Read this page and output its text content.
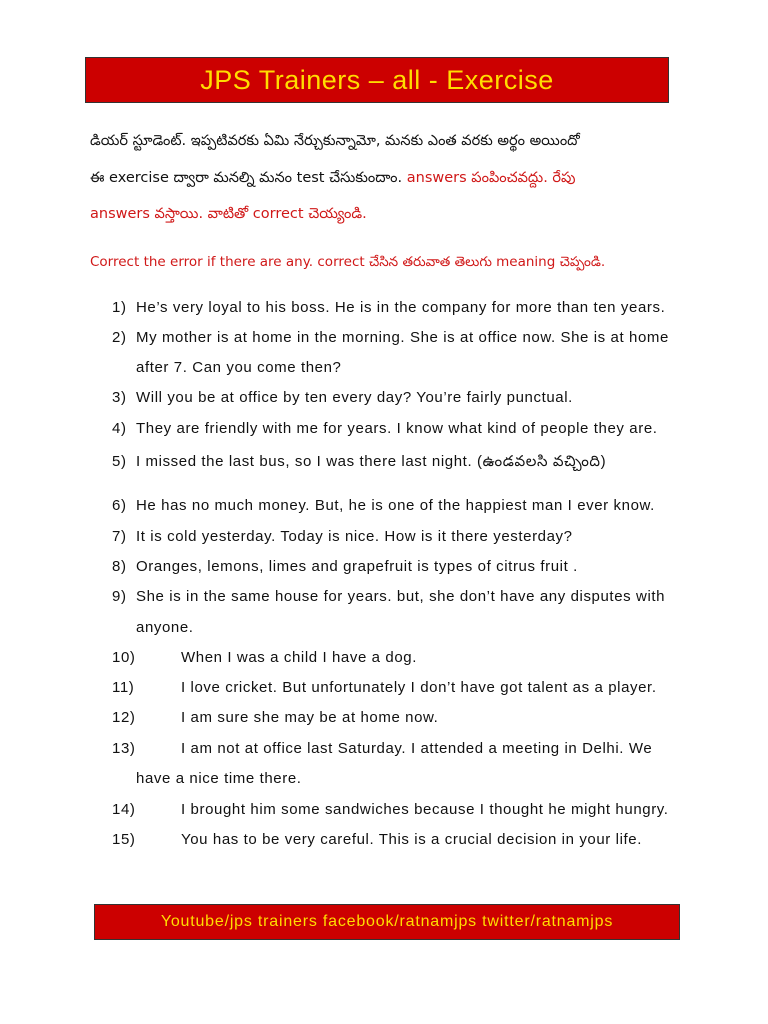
JPS Trainers – all - Exercise
డియర్ స్టూడెంట్. ఇప్పటివరకు ఏమి నేర్చుకున్నామో, మనకు ఎంత వరకు అర్థం అయిందో
ఈ exercise ద్వారా మనల్ని మనం test చేసుకుందాం. answers పంపించవద్దు. రేపు
answers వస్తాయి. వాటితో correct చెయ్యండి.
Correct the error if there are any. correct చేసిన తరువాత తెలుగు meaning చెప్పండి.
1) He’s very loyal to his boss. He is in the company for more than ten years.
2) My mother is at home in the morning. She is at office now. She is at home
after 7. Can you come then?
3) Will you be at office by ten every day? You’re fairly punctual.
4) They are friendly with me for years. I know what kind of people they are.
5) I missed the last bus, so I was there last night. (ఉండవలసి వచ్చింది)
6) He has no much money. But, he is one of the happiest man I ever know.
7) It is cold yesterday. Today is nice. How is it there yesterday?
8) Oranges, lemons, limes and grapefruit is types of citrus fruit .
9) She is in the same house for years. but, she don’t have any disputes with
anyone.
10)	When I was a child I have a dog.
11)	I love cricket. But unfortunately I don’t have got talent as a player.
12)	I am sure she may be at home now.
13)	I am not at office last Saturday. I attended a meeting in Delhi. We
have a nice time there.
14)	I brought him some sandwiches because I thought he might hungry.
15)	You has to be very careful. This is a crucial decision in your life.
Youtube/jps trainers facebook/ratnamjps twitter/ratnamjps
